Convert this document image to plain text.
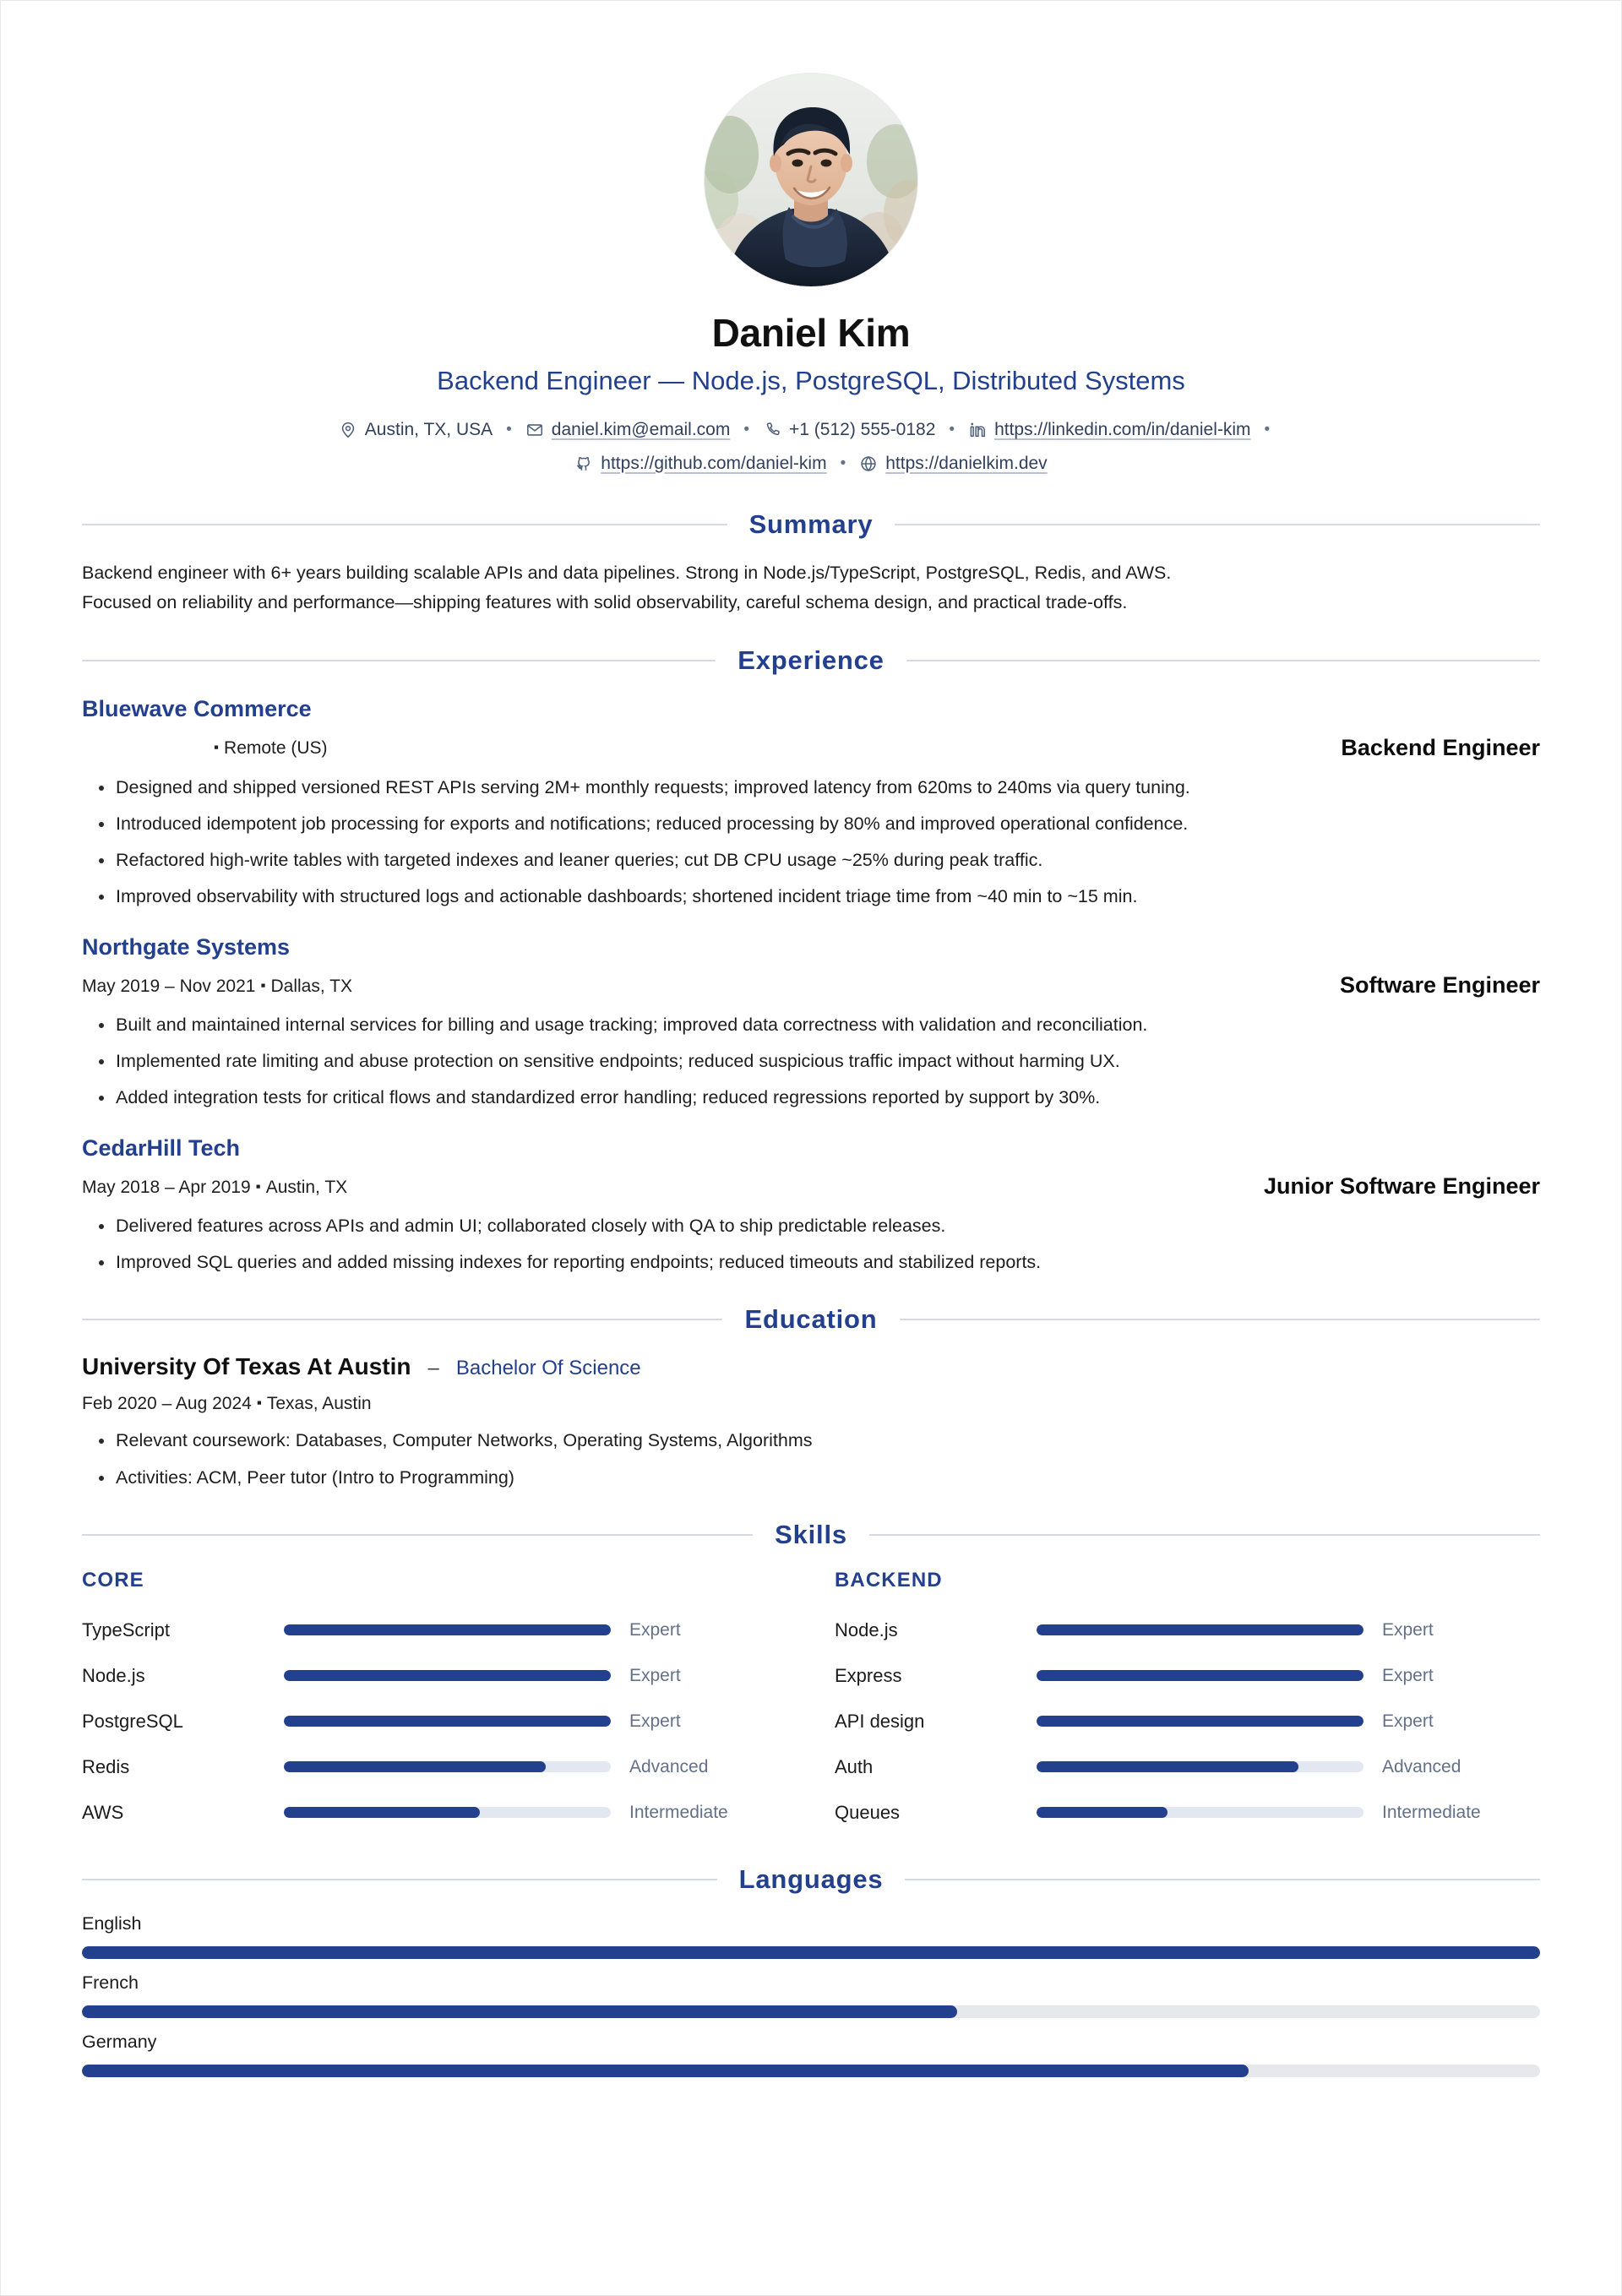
Daniel Kim
Backend Engineer — Node.js, PostgreSQL, Distributed Systems
Austin, TX, USA •	daniel.kim@email.com •	+1 (512) 555-0182 •	https://linkedin.com/in/daniel-kim •
https://github.com/daniel-kim •	https://danielkim.dev
Summary

Backend engineer with 6+ years building scalable APIs and data pipelines. Strong in Node.js/TypeScript, PostgreSQL, Redis, and AWS.

Focused on reliability and performance—shipping features with solid observability, careful schema design, and practical trade-offs.

Experience
Bluewave Commerce
▪ Remote (US)	Backend Engineer
Designed and shipped versioned REST APIs serving 2M+ monthly requests; improved latency from 620ms to 240ms via query tuning.
Introduced idempotent job processing for exports and notifications; reduced processing by 80% and improved operational confidence.
Refactored high-write tables with targeted indexes and leaner queries; cut DB CPU usage ~25% during peak traffic.
Improved observability with structured logs and actionable dashboards; shortened incident triage time from ~40 min to ~15 min.
Northgate Systems
May 2019 – Nov 2021 ▪ Dallas, TX	Software Engineer
Built and maintained internal services for billing and usage tracking; improved data correctness with validation and reconciliation.
Implemented rate limiting and abuse protection on sensitive endpoints; reduced suspicious traffic impact without harming UX.
Added integration tests for critical flows and standardized error handling; reduced regressions reported by support by 30%.
CedarHill Tech
May 2018 – Apr 2019 ▪ Austin, TX	Junior Software Engineer
Delivered features across APIs and admin UI; collaborated closely with QA to ship predictable releases.
Improved SQL queries and added missing indexes for reporting endpoints; reduced timeouts and stabilized reports.
Education
University Of Texas At Austin – Bachelor Of Science
Feb 2020 – Aug 2024 ▪ Texas, Austin
Relevant coursework: Databases, Computer Networks, Operating Systems, Algorithms
Activities: ACM, Peer tutor (Intro to Programming)
Skills
CORE
TypeScript	Expert
Node.js	Expert
PostgreSQL	Expert
Redis	Advanced
AWS	Intermediate
BACKEND
Node.js	Expert
Express	Expert
API design	Expert
Auth	Advanced
Queues	Intermediate
Languages
English
French
Germany
